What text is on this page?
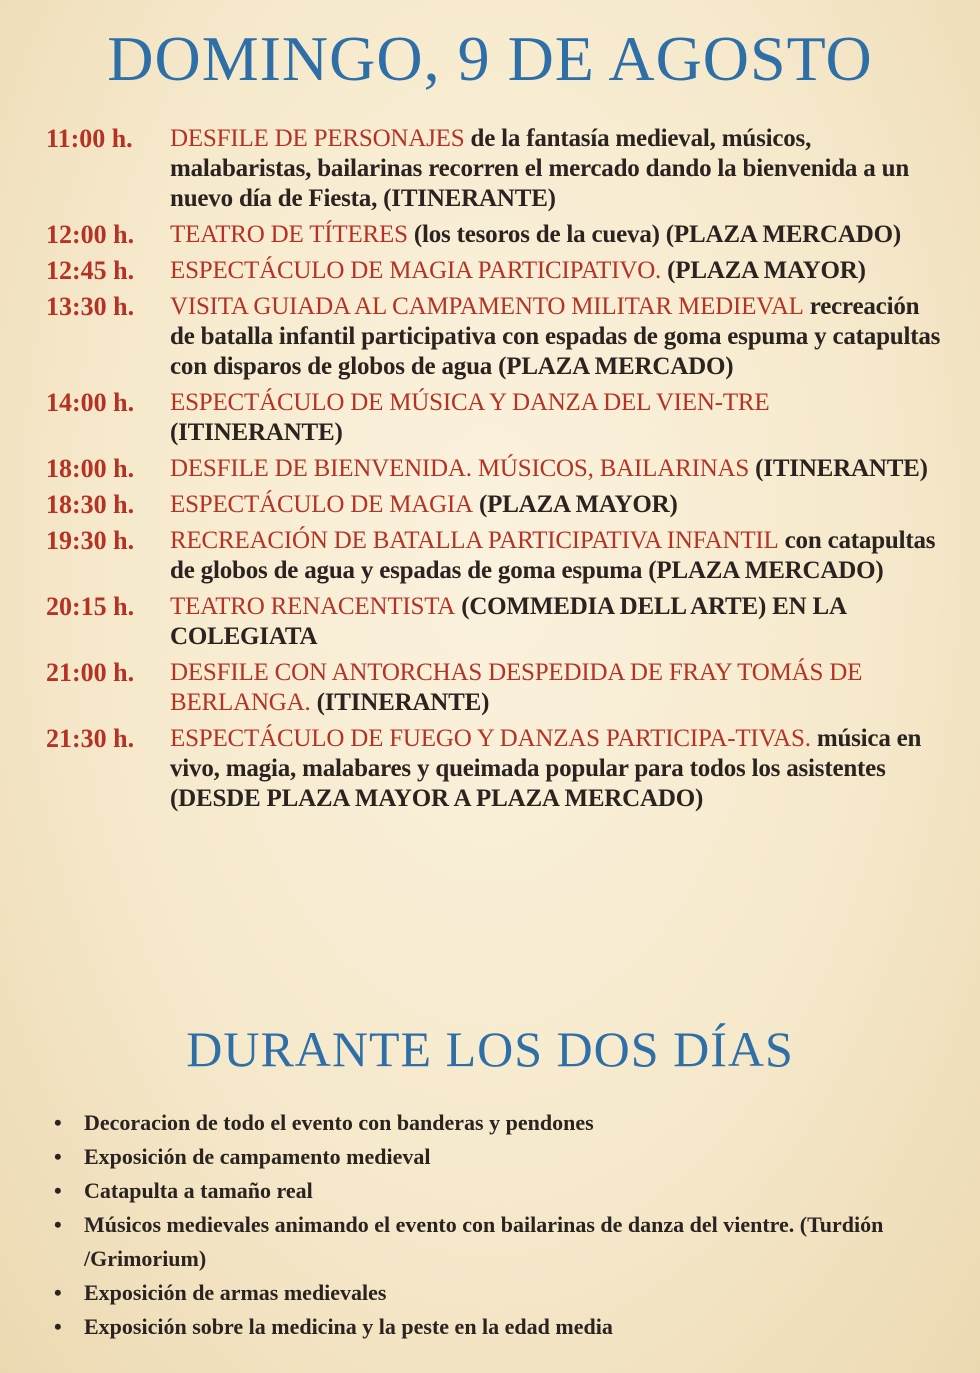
DOMINGO, 9 DE AGOSTO
11:00 h.	DESFILE DE PERSONAJES de la fantasía medieval, músicos, malabaristas, bailarinas recorren el mercado dando la bienvenida a un nuevo día de Fiesta, (ITINERANTE)
12:00 h.	TEATRO DE TÍTERES (los tesoros de la cueva) (PLAZA MERCADO)
12:45 h.	ESPECTÁCULO DE MAGIA PARTICIPATIVO. (PLAZA MAYOR)
13:30 h.	VISITA GUIADA AL CAMPAMENTO MILITAR MEDIEVAL recreación de batalla infantil participativa con espadas de goma espuma y catapultas con disparos de globos de agua (PLAZA MERCADO)
14:00 h.	ESPECTÁCULO DE MÚSICA Y DANZA DEL VIEN-TRE (ITINERANTE)
18:00 h.	DESFILE DE BIENVENIDA. MÚSICOS, BAILARINAS (ITINERANTE)
18:30 h.	ESPECTÁCULO DE MAGIA (PLAZA MAYOR)
19:30 h.	RECREACIÓN DE BATALLA PARTICIPATIVA INFANTIL con catapultas de globos de agua y espadas de goma espuma (PLAZA MERCADO)
20:15 h.	TEATRO RENACENTISTA (COMMEDIA DELL ARTE) EN LA COLEGIATA
21:00 h.	DESFILE CON ANTORCHAS DESPEDIDA DE FRAY TOMÁS DE BERLANGA. (ITINERANTE)
21:30 h.	ESPECTÁCULO DE FUEGO Y DANZAS PARTICIPA-TIVAS. música en vivo, magia, malabares y queimada popular para todos los asistentes (DESDE PLAZA MAYOR A PLAZA MERCADO)
DURANTE LOS DOS DÍAS
• Decoracion de todo el evento con banderas y pendones
• Exposición de campamento medieval
• Catapulta a tamaño real
• Músicos medievales animando el evento con bailarinas de danza del vientre. (Turdión /Grimorium)
• Exposición de armas medievales
• Exposición sobre la medicina y la peste en la edad media
